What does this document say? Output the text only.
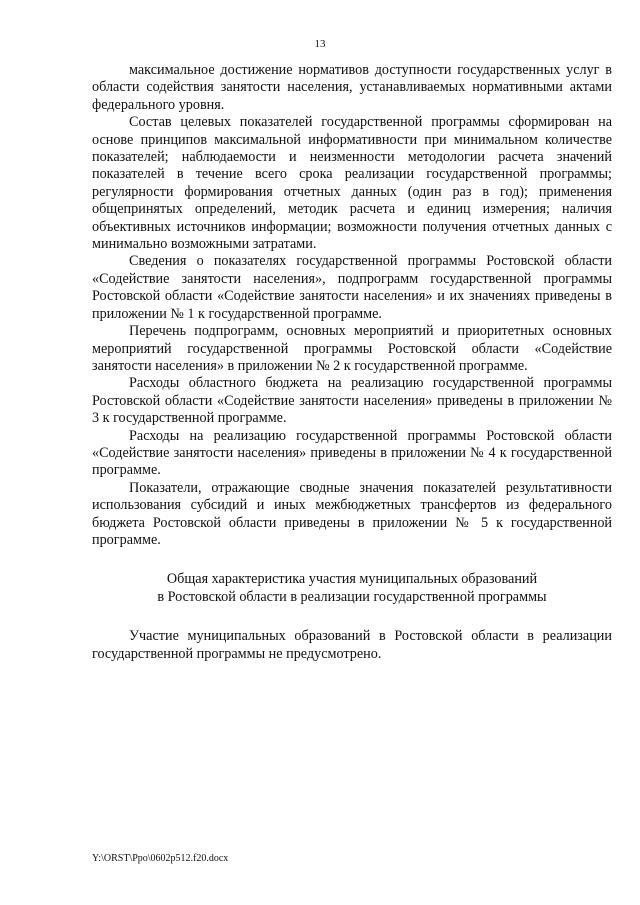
13

максимальное достижение нормативов доступности государственных услуг в области содействия занятости населения, устанавливаемых нормативными актами федерального уровня.

Состав целевых показателей государственной программы сформирован на основе принципов максимальной информативности при минимальном количестве показателей; наблюдаемости и неизменности методологии расчета значений показателей в течение всего срока реализации государственной программы; регулярности формирования отчетных данных (один раз в год); применения общепринятых определений, методик расчета и единиц измерения; наличия объективных источников информации; возможности получения отчетных данных с минимально возможными затратами.

Сведения о показателях государственной программы Ростовской области «Содействие занятости населения», подпрограмм государственной программы Ростовской области «Содействие занятости населения» и их значениях приведены в приложении № 1 к государственной программе.

Перечень подпрограмм, основных мероприятий и приоритетных основных мероприятий государственной программы Ростовской области «Содействие занятости населения» в приложении № 2 к государственной программе.

Расходы областного бюджета на реализацию государственной программы Ростовской области «Содействие занятости населения» приведены в приложении № 3 к государственной программе.

Расходы на реализацию государственной программы Ростовской области «Содействие занятости населения» приведены в приложении № 4 к государственной программе.

Показатели, отражающие сводные значения показателей результативности использования субсидий и иных межбюджетных трансфертов из федерального бюджета Ростовской области приведены в приложении № 5 к государственной программе.

Общая характеристика участия муниципальных образований
в Ростовской области в реализации государственной программы

Участие муниципальных образований в Ростовской области в реализации государственной программы не предусмотрено.

Y:\ORST\Ppo\0602p512.f20.docx
